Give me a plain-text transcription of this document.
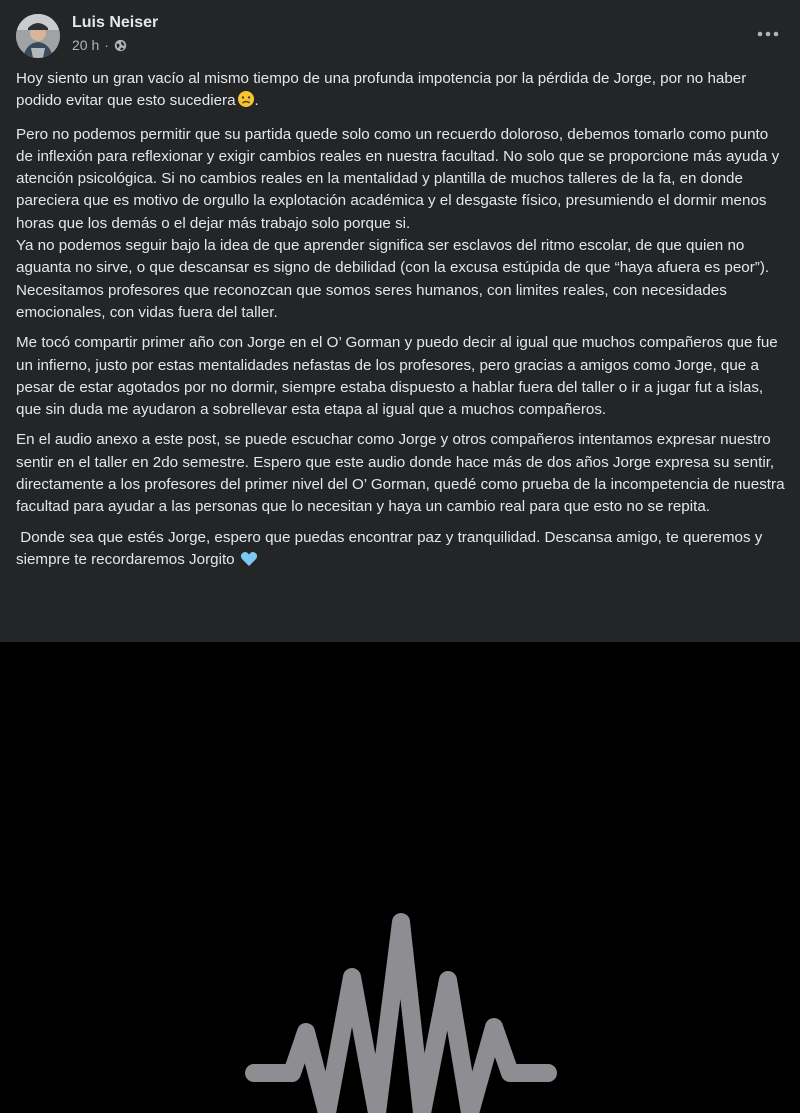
Luis Neiser
20 h ·

Hoy siento un gran vacío al mismo tiempo de una profunda impotencia por la pérdida de Jorge, por no haber podido evitar que esto sucediera .

Pero no podemos permitir que su partida quede solo como un recuerdo doloroso, debemos tomarlo como punto de inflexión para reflexionar y exigir cambios reales en nuestra facultad. No solo que se proporcione más ayuda y atención psicológica. Si no cambios reales en la mentalidad y plantilla de muchos talleres de la fa, en donde pareciera que es motivo de orgullo la explotación académica y el desgaste físico, presumiendo el dormir menos horas que los demás o el dejar más trabajo solo porque si.
Ya no podemos seguir bajo la idea de que aprender significa ser esclavos del ritmo escolar, de que quien no aguanta no sirve, o que descansar es signo de debilidad (con la excusa estúpida de que “haya afuera es peor”). Necesitamos profesores que reconozcan que somos seres humanos, con limites reales, con necesidades emocionales, con vidas fuera del taller.

Me tocó compartir primer año con Jorge en el O’ Gorman y puedo decir al igual que muchos compañeros que fue un infierno, justo por estas mentalidades nefastas de los profesores, pero gracias a amigos como Jorge, que a pesar de estar agotados por no dormir, siempre estaba dispuesto a hablar fuera del taller o ir a jugar fut a islas, que sin duda me ayudaron a sobrellevar esta etapa al igual que a muchos compañeros.

En el audio anexo a este post, se puede escuchar como Jorge y otros compañeros intentamos expresar nuestro sentir en el taller en 2do semestre. Espero que este audio donde hace más de dos años Jorge expresa su sentir, directamente a los profesores del primer nivel del O’ Gorman, quedé como prueba de la incompetencia de nuestra facultad para ayudar a las personas que lo necesitan y haya un cambio real para que esto no se repita.

Donde sea que estés Jorge, espero que puedas encontrar paz y tranquilidad. Descansa amigo, te queremos y siempre te recordaremos Jorgito
